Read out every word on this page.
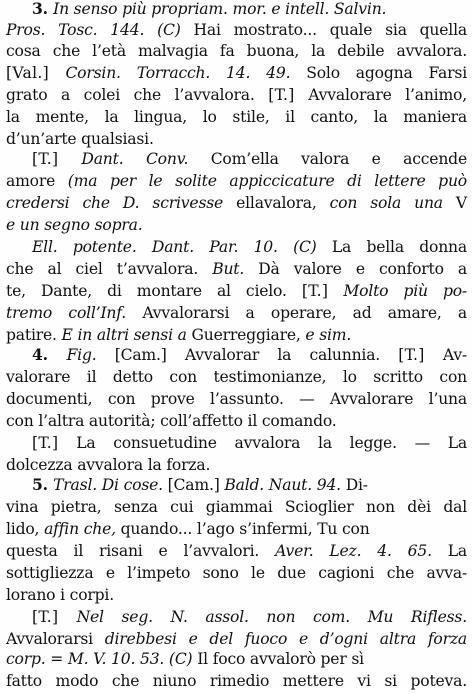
3. In senso più propriam. mor. e intell. Salvin.
Pros. Tosc. 144. (C) Hai mostrato... quale sia quella
cosa che l’età malvagia fa buona, la debile avvalora.
[Val.] Corsin. Torracch. 14. 49. Solo agogna Farsi
grato a colei che l’avvalora. [T.] Avvalorare l’animo,
la mente, la lingua, lo stile, il canto, la maniera
d’un’arte qualsiasi.
[T.] Dant. Conv. Com’ella valora e accende
amore (ma per le solite appiccicature di lettere può
credersi che D. scrivesse ellavalora, con sola una V
e un segno sopra.
Ell. potente. Dant. Par. 10. (C) La bella donna
che al ciel t’avvalora. But. Dà valore e conforto a
te, Dante, di montare al cielo. [T.] Molto più po-
tremo coll’Inf. Avvalorarsi a operare, ad amare, a
patire. E in altri sensi a Guerreggiare, e sim.
4. Fig. [Cam.] Avvalorar la calunnia. [T.] Av-
valorare il detto con testimonianze, lo scritto con
documenti, con prove l’assunto. — Avvalorare l’una
con l’altra autorità; coll’affetto il comando.
[T.] La consuetudine avvalora la legge. — La
dolcezza avvalora la forza.
5. Trasl. Di cose. [Cam.] Bald. Naut. 94. Di-
vina pietra, senza cui giammai Scioglier non dèi dal
lido, affin che, quando... l’ago s’infermi, Tu con
questa il risani e l’avvalori. Aver. Lez. 4. 65. La
sottigliezza e l’impeto sono le due cagioni che avva-
lorano i corpi.
[T.] Nel seg. N. assol. non com. Mu Rifless.
Avvalorarsi direbbesi e del fuoco e d’ogni altra forza
corp. = M. V. 10. 53. (C) Il foco avvalorò per sì
fatto modo che niuno rimedio mettere vi si poteva.
